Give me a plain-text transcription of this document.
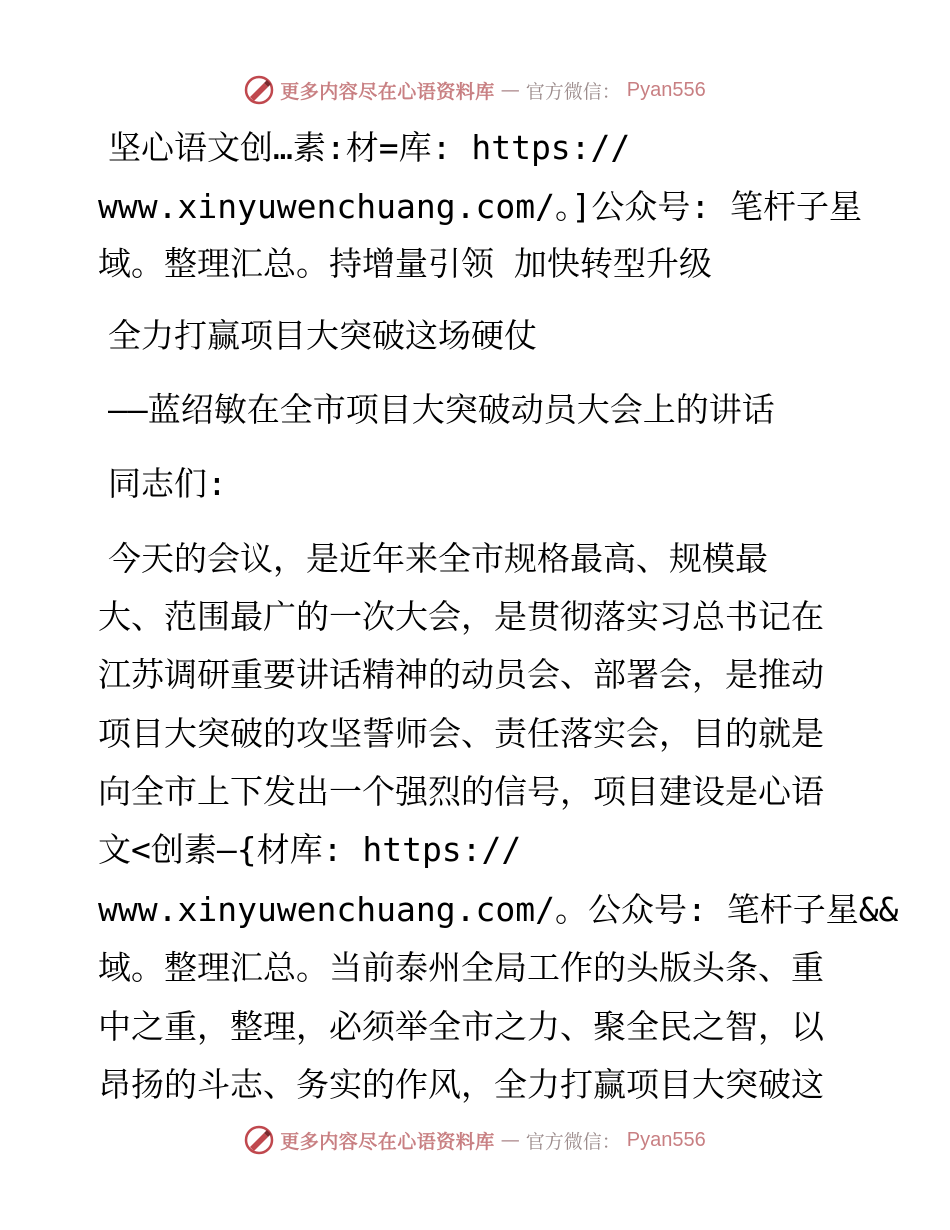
更多内容尽在心语资料库 — 官方微信： Pyan556
坚心语文创…素:材=库: https://
www.xinyuwenchuang.com/。]公众号: 笔杆子星
域。整理汇总。持增量引领 加快转型升级
全力打赢项目大突破这场硬仗
——蓝绍敏在全市项目大突破动员大会上的讲话
同志们:
今天的会议，是近年来全市规格最高、规模最
大、范围最广的一次大会，是贯彻落实习总书记在
江苏调研重要讲话精神的动员会、部署会，是推动
项目大突破的攻坚誓师会、责任落实会，目的就是
向全市上下发出一个强烈的信号，项目建设是心语
文<创素—{材库: https://
www.xinyuwenchuang.com/。公众号: 笔杆子星&&
域。整理汇总。当前泰州全局工作的头版头条、重
中之重，整理，必须举全市之力、聚全民之智，以
昂扬的斗志、务实的作风，全力打赢项目大突破这
更多内容尽在心语资料库 — 官方微信： Pyan556
